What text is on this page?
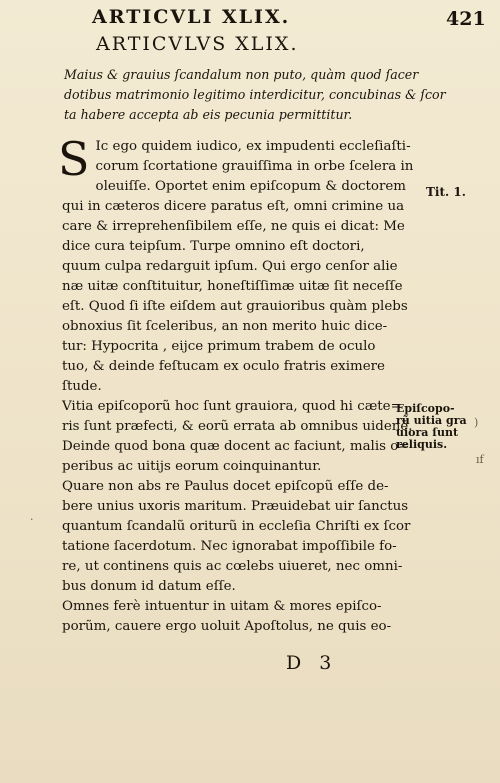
ARTICVLI XLIX.	421
ARTICVLVS XLIX.
Maius & grauius ſcandalum non puto, quàm quod ſacer
dotibus matrimonio legitimo interdicitur, concubinas & ſcor
ta habere accepta ab eis pecunia permittitur.
S Ic ego quidem iudico, ex impudenti eccleſiaſti-
corum ſcortatione grauiſſima in orbe ſcelera in
oleuiſſe. Oportet enim epiſcopum & doctorem
qui in cæteros dicere paratus eſt, omni crimine ua
care & irreprehenſibilem eſſe, ne quis ei dicat: Me
dice cura teipſum. Turpe omnino eſt doctori,
quum culpa redarguit ipſum. Qui ergo cenſor alie
næ uitæ conſtituitur, honeſtiſſimæ uitæ ſit neceſſe
eſt. Quod ſi iſte eiſdem aut grauioribus quàm plebs
obnoxius ſit ſceleribus, an non merito huic dice-
tur: Hypocrita , eijce primum trabem de oculo
tuo, & deinde feſtucam ex oculo fratris eximere
ſtude.
Vitia epiſcoporũ hoc ſunt grauiora, quod hi cæte=
ris ſunt præfecti, & eorũ errata ab omnibus uidenẽ.
Deinde quod bona quæ docent ac faciunt, malis o=
peribus ac uitijs eorum coinquinantur.
Quare non abs re Paulus docet epiſcopũ eſſe de-
bere unius uxoris maritum. Præuidebat uir ſanctus
quantum ſcandalũ oriturũ in eccleſia Chriſti ex ſcor
tatione ſacerdotum. Nec ignorabat impoſſibile fo-
re, ut continens quis ac cœlebs uiueret, nec omni-
bus donum id datum eſſe.
Omnes ferè intuentur in uitam & mores epiſco-
porũm, cauere ergo uoluit Apoſtolus, ne quis eo-
Tit. 1.
Epiſcopo-
rũ uitia gra
uiora ſunt
reliquis.
D 3
)
ıf
·
